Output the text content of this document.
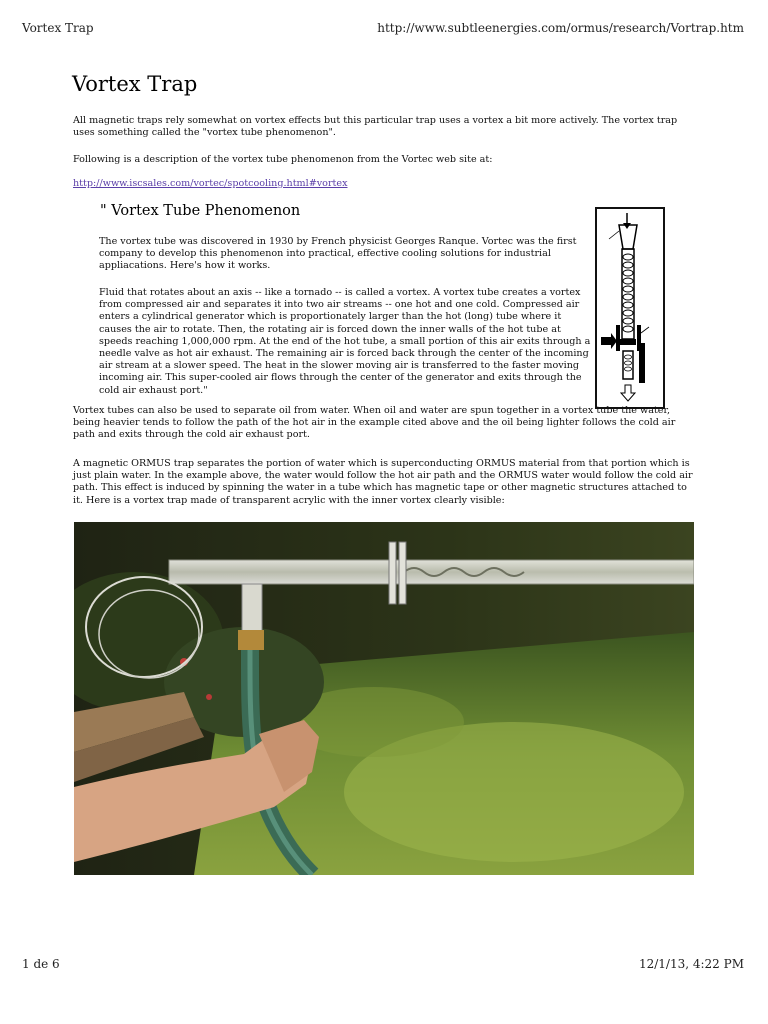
Vortex Trap	http://www.subtleenergies.com/ormus/research/Vortrap.htm
Vortex Trap
All magnetic traps rely somewhat on vortex effects but this particular trap uses a vortex a bit more actively. The vortex trap uses something called the "vortex tube phenomenon".
Following is a description of the vortex tube phenomenon from the Vortec web site at:
http://www.iscsales.com/vortec/spotcooling.html#vortex
" Vortex Tube Phenomenon
The vortex tube was discovered in 1930 by French physicist Georges Ranque. Vortec was the first company to develop this phenomenon into practical, effective cooling solutions for industrial appliacations. Here's how it works.
Fluid that rotates about an axis -- like a tornado -- is called a vortex. A vortex tube creates a vortex from compressed air and separates it into two air streams -- one hot and one cold. Compressed air enters a cylindrical generator which is proportionately larger than the hot (long) tube where it causes the air to rotate. Then, the rotating air is forced down the inner walls of the hot tube at speeds reaching 1,000,000 rpm. At the end of the hot tube, a small portion of this air exits through a needle valve as hot air exhaust. The remaining air is forced back through the center of the incoming air stream at a slower speed. The heat in the slower moving air is transferred to the faster moving incoming air. This super-cooled air flows through the center of the generator and exits through the cold air exhaust port."
Vortex tubes can also be used to separate oil from water. When oil and water are spun together in a vortex tube the water, being heavier tends to follow the path of the hot air in the example cited above and the oil being lighter follows the cold air path and exits through the cold air exhaust port.
A magnetic ORMUS trap separates the portion of water which is superconducting ORMUS material from that portion which is just plain water. In the example above, the water would follow the hot air path and the ORMUS water would follow the cold air path. This effect is induced by spinning the water in a tube which has magnetic tape or other magnetic structures attached to it. Here is a vortex trap made of transparent acrylic with the inner vortex clearly visible:
1 de 6	12/1/13, 4:22 PM
